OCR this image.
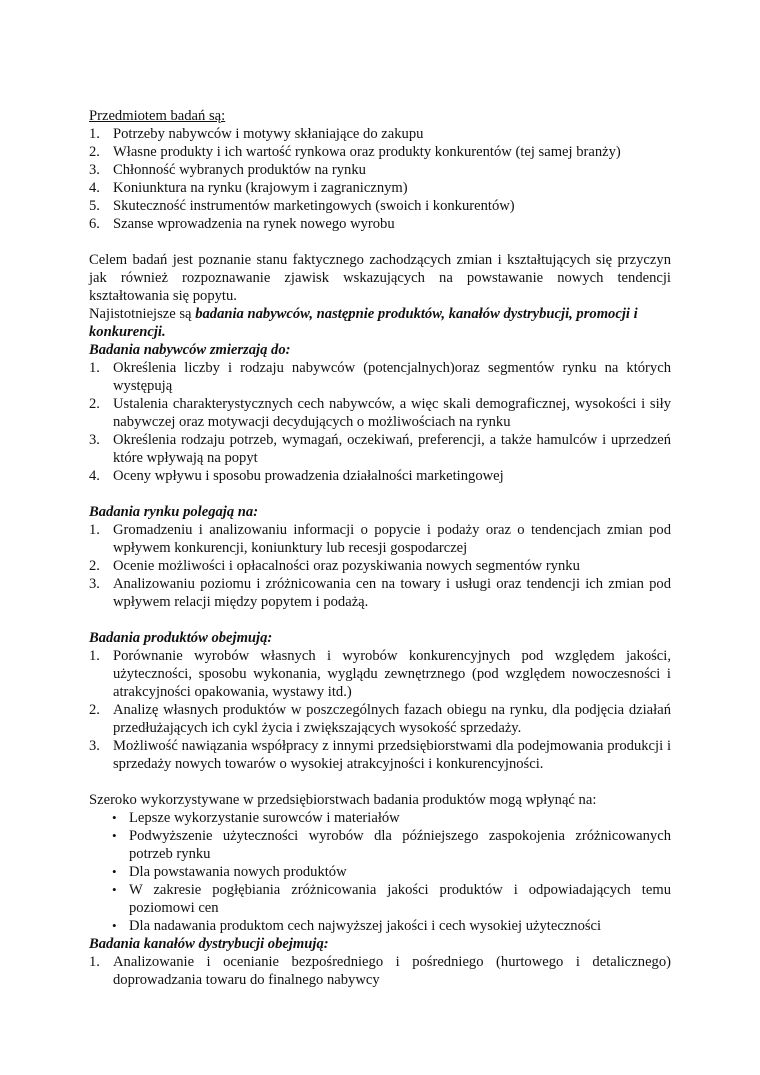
Przedmiotem badań są:

1. Potrzeby nabywców i motywy skłaniające do zakupu
2. Własne produkty i ich wartość rynkowa oraz produkty konkurentów (tej samej branży)
3. Chłonność wybranych produktów na rynku
4. Koniunktura na rynku (krajowym i zagranicznym)
5. Skuteczność instrumentów marketingowych (swoich i konkurentów)
6. Szanse wprowadzenia na rynek nowego wyrobu

Celem badań jest poznanie stanu faktycznego zachodzących zmian i kształtujących się przyczyn jak również rozpoznawanie zjawisk wskazujących na powstawanie nowych tendencji kształtowania się popytu.

Najistotniejsze są badania nabywców, następnie produktów, kanałów dystrybucji, promocji i konkurencji.

Badania nabywców zmierzają do:

1. Określenia liczby i rodzaju nabywców (potencjalnych)oraz segmentów rynku na których występują
2. Ustalenia charakterystycznych cech nabywców, a więc skali demograficznej, wysokości i siły nabywczej oraz motywacji decydujących o możliwościach na rynku
3. Określenia rodzaju potrzeb, wymagań, oczekiwań, preferencji, a także hamulców i uprzedzeń które wpływają na popyt
4. Oceny wpływu i sposobu prowadzenia działalności marketingowej

Badania rynku polegają na:

1. Gromadzeniu i analizowaniu informacji o popycie i podaży oraz o tendencjach zmian pod wpływem konkurencji, koniunktury lub recesji gospodarczej
2. Ocenie możliwości i opłacalności oraz pozyskiwania nowych segmentów rynku
3. Analizowaniu poziomu i zróżnicowania cen na towary i usługi oraz tendencji ich zmian pod wpływem relacji między popytem i podażą.

Badania produktów obejmują:

1. Porównanie wyrobów własnych i wyrobów konkurencyjnych pod względem jakości, użyteczności, sposobu wykonania, wyglądu zewnętrznego (pod względem nowoczesności i atrakcyjności opakowania, wystawy itd.)
2. Analizę własnych produktów w poszczególnych fazach obiegu na rynku, dla podjęcia działań przedłużających ich cykl życia i zwiększających wysokość sprzedaży.
3. Możliwość nawiązania współpracy z innymi przedsiębiorstwami dla podejmowania produkcji i sprzedaży nowych towarów o wysokiej atrakcyjności i konkurencyjności.

Szeroko wykorzystywane w przedsiębiorstwach badania produktów mogą wpłynąć na:

• Lepsze wykorzystanie surowców i materiałów
• Podwyższenie użyteczności wyrobów dla późniejszego zaspokojenia zróżnicowanych potrzeb rynku
• Dla powstawania nowych produktów
• W zakresie pogłębiania zróżnicowania jakości produktów i odpowiadających temu poziomowi cen
• Dla nadawania produktom cech najwyższej jakości i cech wysokiej użyteczności

Badania kanałów dystrybucji obejmują:

1. Analizowanie i ocenianie bezpośredniego i pośredniego (hurtowego i detalicznego) doprowadzania towaru do finalnego nabywcy
